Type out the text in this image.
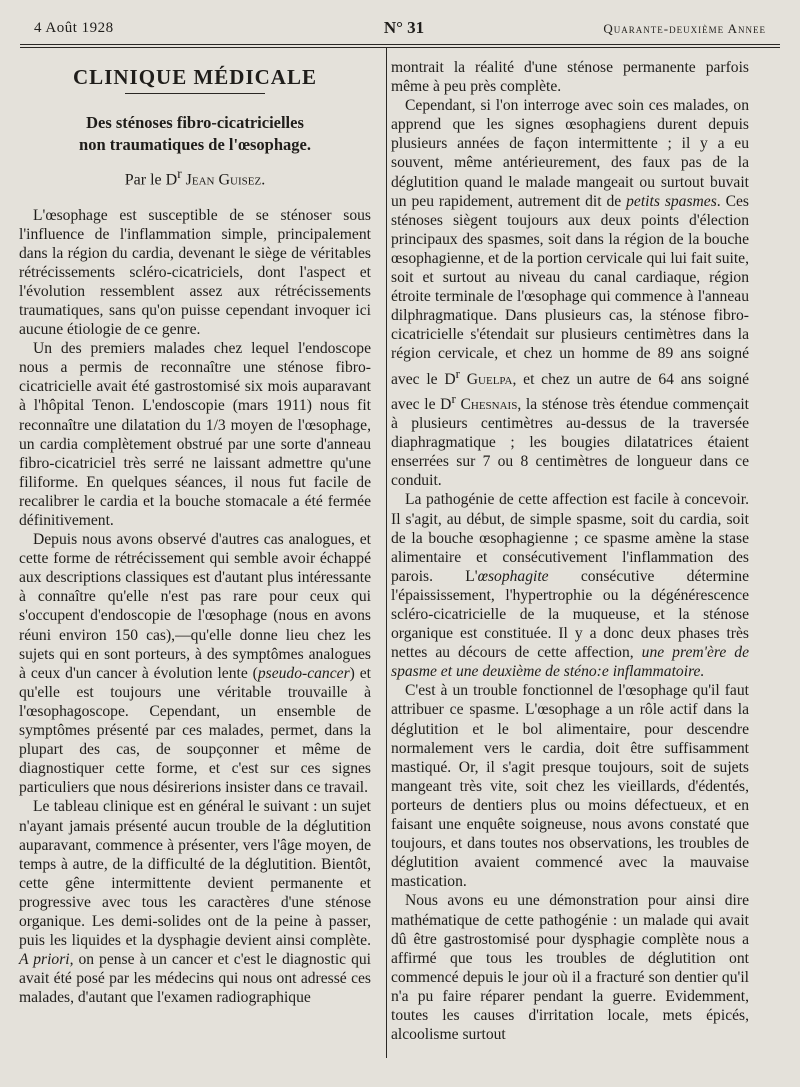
4 Août 1928	N° 31	Quarante-deuxième Annee
CLINIQUE MÉDICALE
Des sténoses fibro-cicatricielles
non traumatiques de l'œsophage.
Par le $D^r$ Jean Guisez.

L'œsophage est susceptible de se sténoser sous l'influence de l'inflammation simple, principalement dans la région du cardia, devenant le siège de véritables rétrécissements scléro-cicatriciels, dont l'aspect et l'évolution ressemblent assez aux rétrécissements traumatiques, sans qu'on puisse cependant invoquer ici aucune étiologie de ce genre.

Un des premiers malades chez lequel l'endoscope nous a permis de reconnaître une sténose fibro-cicatricielle avait été gastrostomisé six mois auparavant à l'hôpital Tenon. L'endoscopie (mars 1911) nous fit reconnaître une dilatation du 1/3 moyen de l'œsophage, un cardia complètement obstrué par une sorte d'anneau fibro-cicatriciel très serré ne laissant admettre qu'une filiforme. En quelques séances, il nous fut facile de recalibrer le cardia et la bouche stomacale a été fermée définitivement.

Depuis nous avons observé d'autres cas analogues, et cette forme de rétrécissement qui semble avoir échappé aux descriptions classiques est d'autant plus intéressante à connaître qu'elle n'est pas rare pour ceux qui s'occupent d'endoscopie de l'œsophage (nous en avons réuni environ 150 cas),—qu'elle donne lieu chez les sujets qui en sont porteurs, à des symptômes analogues à ceux d'un cancer à évolution lente (pseudo-cancer) et qu'elle est toujours une véritable trouvaille à l'œsophagoscope. Cependant, un ensemble de symptômes présenté par ces malades, permet, dans la plupart des cas, de soupçonner et même de diagnostiquer cette forme, et c'est sur ces signes particuliers que nous désirerions insister dans ce travail.

Le tableau clinique est en général le suivant : un sujet n'ayant jamais présenté aucun trouble de la déglutition auparavant, commence à présenter, vers l'âge moyen, de temps à autre, de la difficulté de la déglutition. Bientôt, cette gêne intermittente devient permanente et progressive avec tous les caractères d'une sténose organique. Les demi-solides ont de la peine à passer, puis les liquides et la dysphagie devient ainsi complète. A priori, on pense à un cancer et c'est le diagnostic qui avait été posé par les médecins qui nous ont adressé ces malades, d'autant que l'examen radiographique

montrait la réalité d'une sténose permanente parfois même à peu près complète.

Cependant, si l'on interroge avec soin ces malades, on apprend que les signes œsophagiens durent depuis plusieurs années de façon intermittente ; il y a eu souvent, même antérieurement, des faux pas de la déglutition quand le malade mangeait ou surtout buvait un peu rapidement, autrement dit de petits spasmes. Ces sténoses siègent toujours aux deux points d'élection principaux des spasmes, soit dans la région de la bouche œsophagienne, et de la portion cervicale qui lui fait suite, soit et surtout au niveau du canal cardiaque, région étroite terminale de l'œsophage qui commence à l'anneau dilphragmatique. Dans plusieurs cas, la sténose fibro-cicatricielle s'étendait sur plusieurs centimètres dans la région cervicale, et chez un homme de 89 ans soigné avec le $D^r$ Guelpa, et chez un autre de 64 ans soigné avec le $D^r$ Chesnais, la sténose très étendue commençait à plusieurs centimètres au-dessus de la traversée diaphragmatique ; les bougies dilatatrices étaient enserrées sur 7 ou 8 centimètres de longueur dans ce conduit.

La pathogénie de cette affection est facile à concevoir. Il s'agit, au début, de simple spasme, soit du cardia, soit de la bouche œsophagienne ; ce spasme amène la stase alimentaire et consécutivement l'inflammation des parois. L'œsophagite consécutive détermine l'épaississement, l'hypertrophie ou la dégénérescence scléro-cicatricielle de la muqueuse, et la sténose organique est constituée. Il y a donc deux phases très nettes au décours de cette affection, une prem'ère de spasme et une deuxième de sténo:e inflammatoire.

C'est à un trouble fonctionnel de l'œsophage qu'il faut attribuer ce spasme. L'œsophage a un rôle actif dans la déglutition et le bol alimentaire, pour descendre normalement vers le cardia, doit être suffisamment mastiqué. Or, il s'agit presque toujours, soit de sujets mangeant très vite, soit chez les vieillards, d'édentés, porteurs de dentiers plus ou moins défectueux, et en faisant une enquête soigneuse, nous avons constaté que toujours, et dans toutes nos observations, les troubles de déglutition avaient commencé avec la mauvaise mastication.

Nous avons eu une démonstration pour ainsi dire mathématique de cette pathogénie : un malade qui avait dû être gastrostomisé pour dysphagie complète nous a affirmé que tous les troubles de déglutition ont commencé depuis le jour où il a fracturé son dentier qu'il n'a pu faire réparer pendant la guerre. Evidemment, toutes les causes d'irritation locale, mets épicés, alcoolisme surtout
